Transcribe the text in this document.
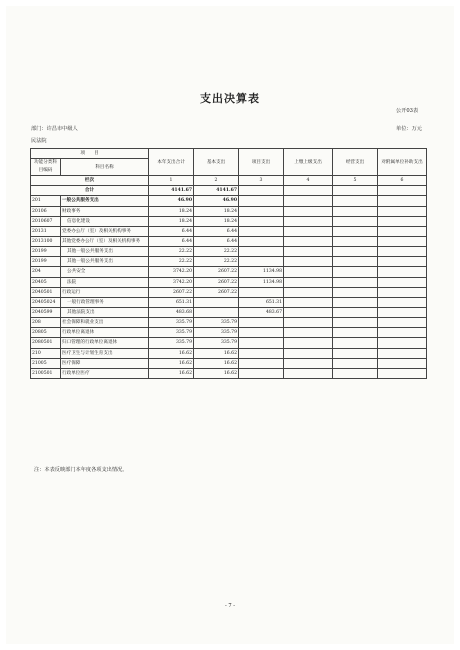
支出决算表
公开03表
部门：许昌市中级人
民法院
单位：万元
项　　目		本年支出合计	基本支出	项目支出	上缴上级支出	经营支出	对附属单位补助支出
功能分类科目编码	科目名称						

栏次		1	2	3	4	5	6
合计		4141.67	4141.67				
201	一般公共服务支出	46.90	46.90				
20106	财政事务	18.24	18.24				
2010607	信息化建设	18.24	18.24				
20131	党委办公厅（室）及相关机构事务	6.44	6.44				
2013100	其他党委办公厅（室）及相关机构事务	6.44	6.44				
20199	其他一般公共服务支出	22.22	22.22				
20199	其他一般公共服务支出	22.22	22.22				
204	公共安全	3742.20	2607.22	1134.98			
20405	法院	3742.20	2607.22	1134.98			
2040501	行政运行	2607.22	2607.22				
20405024	一般行政管理事务	651.31		651.31			
2040599	其他法院支出	483.68		483.67			
208	社会保障和就业支出	335.79	335.79				
20805	行政单位离退休	335.79	335.79				
2080501	归口管理的行政单位离退休	335.79	335.79				
210	医疗卫生与计划生育支出	16.62	16.62				
21005	医疗保障	16.62	16.62				
2100501	行政单位医疗	16.62	16.62				
注：本表反映部门本年度各项支出情况。
- 7 -
